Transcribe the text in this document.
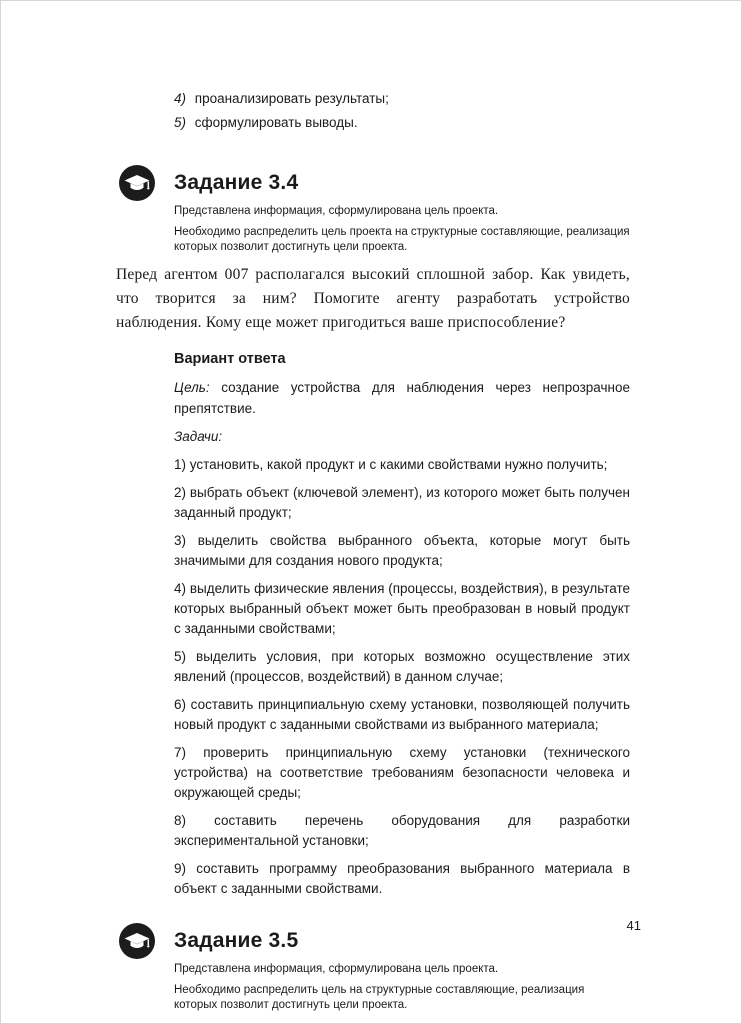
4) проанализировать результаты;
5) сформулировать выводы.
Задание 3.4

Представлена информация, сформулирована цель проекта.

Необходимо распределить цель проекта на структурные составляющие, реализация которых позволит достигнуть цели проекта.

Перед агентом 007 располагался высокий сплошной забор. Как увидеть, что творится за ним? Помогите агенту разработать устройство наблюдения. Кому еще может пригодиться ваше приспособление?

Вариант ответа

Цель: создание устройства для наблюдения через непрозрачное препятствие.

Задачи:

1) установить, какой продукт и с какими свойствами нужно получить;

2) выбрать объект (ключевой элемент), из которого может быть получен заданный продукт;

3) выделить свойства выбранного объекта, которые могут быть значимыми для создания нового продукта;

4) выделить физические явления (процессы, воздействия), в результате которых выбранный объект может быть преобразован в новый продукт с заданными свойствами;

5) выделить условия, при которых возможно осуществление этих явлений (процессов, воздействий) в данном случае;

6) составить принципиальную схему установки, позволяющей получить новый продукт с заданными свойствами из выбранного материала;

7) проверить принципиальную схему установки (технического устройства) на соответствие требованиям безопасности человека и окружающей среды;

8) составить перечень оборудования для разработки экспериментальной установки;

9) составить программу преобразования выбранного материала в объект с заданными свойствами.

Задание 3.5

Представлена информация, сформулирована цель проекта.

Необходимо распределить цель на структурные составляющие, реализация которых позволит достигнуть цели проекта.

41
